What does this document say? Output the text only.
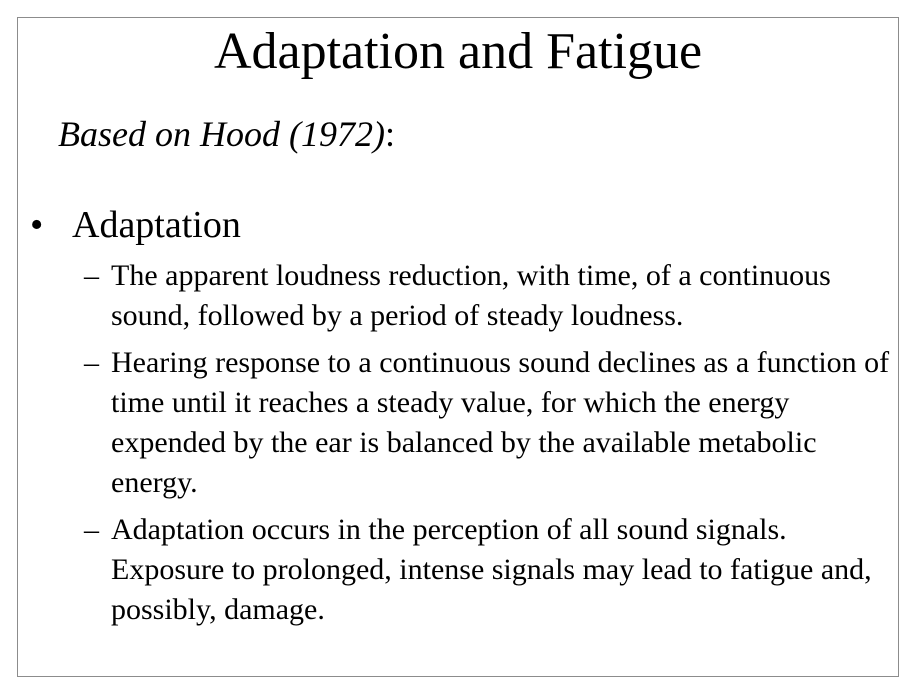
Adaptation and Fatigue
Based on Hood (1972):
• Adaptation
– The apparent loudness reduction, with time, of a continuous sound, followed by a period of steady loudness.
– Hearing response to a continuous sound declines as a function of time until it reaches a steady value, for which the energy expended by the ear is balanced by the available metabolic energy.
– Adaptation occurs in the perception of all sound signals. Exposure to prolonged, intense signals may lead to fatigue and, possibly, damage.
